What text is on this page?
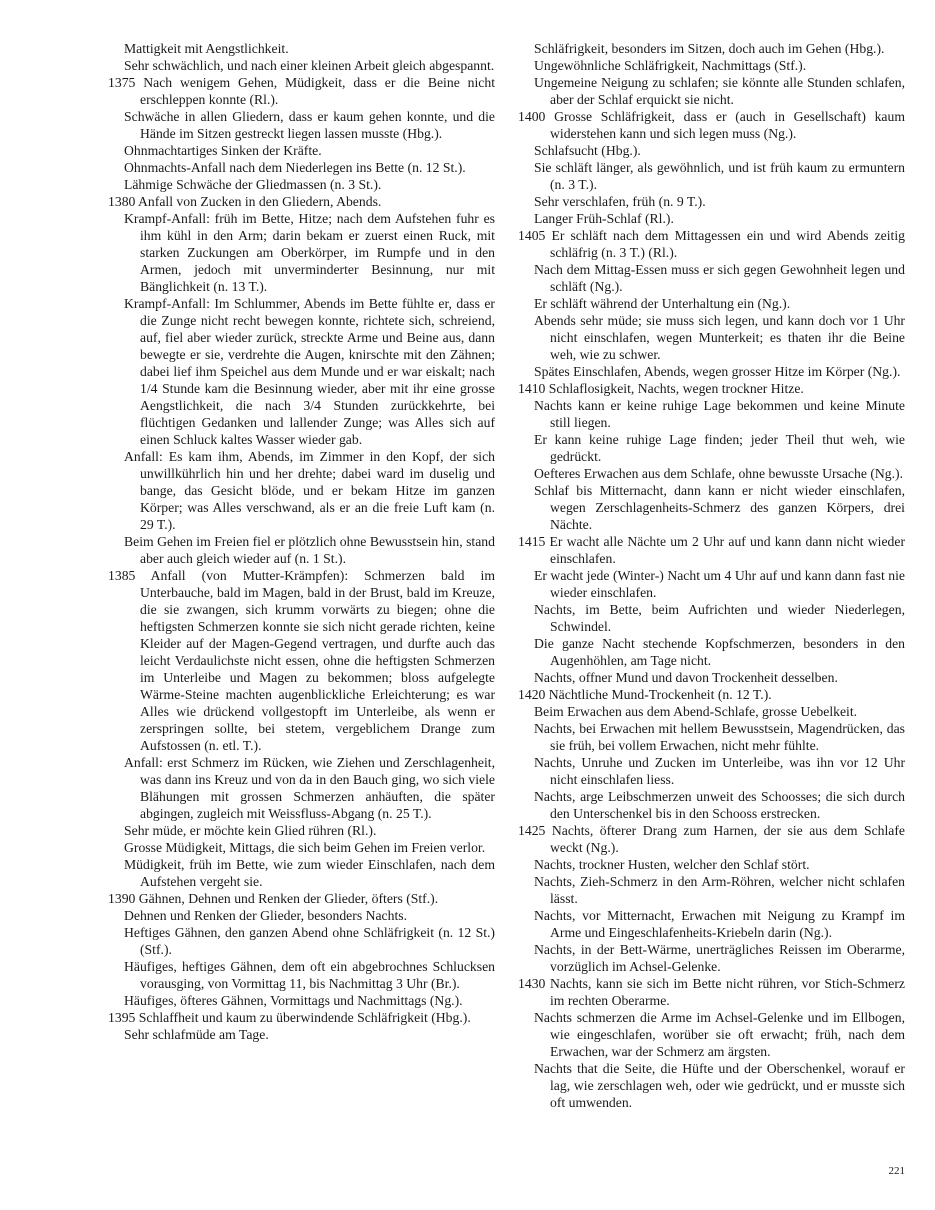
Mattigkeit mit Aengstlichkeit.
Sehr schwächlich, und nach einer kleinen Arbeit gleich abgespannt.
1375 Nach wenigem Gehen, Müdigkeit, dass er die Beine nicht erschleppen konnte (Rl.).
Schwäche in allen Gliedern, dass er kaum gehen konnte, und die Hände im Sitzen gestreckt liegen lassen musste (Hbg.).
Ohnmachtartiges Sinken der Kräfte.
Ohnmachts-Anfall nach dem Niederlegen ins Bette (n. 12 St.).
Lähmige Schwäche der Gliedmassen (n. 3 St.).
1380 Anfall von Zucken in den Gliedern, Abends.
Krampf-Anfall: früh im Bette, Hitze; nach dem Aufstehen fuhr es ihm kühl in den Arm; darin bekam er zuerst einen Ruck, mit starken Zuckungen am Oberkörper, im Rumpfe und in den Armen, jedoch mit unverminderter Besinnung, nur mit Bänglichkeit (n. 13 T.).
Krampf-Anfall: Im Schlummer, Abends im Bette fühlte er, dass er die Zunge nicht recht bewegen konnte, richtete sich, schreiend, auf, fiel aber wieder zurück, streckte Arme und Beine aus, dann bewegte er sie, verdrehte die Augen, knirschte mit den Zähnen; dabei lief ihm Speichel aus dem Munde und er war eiskalt; nach 1/4 Stunde kam die Besinnung wieder, aber mit ihr eine grosse Aengstlichkeit, die nach 3/4 Stunden zurückkehrte, bei flüchtigen Gedanken und lallender Zunge; was Alles sich auf einen Schluck kaltes Wasser wieder gab.
Anfall: Es kam ihm, Abends, im Zimmer in den Kopf, der sich unwillkührlich hin und her drehte; dabei ward im duselig und bange, das Gesicht blöde, und er bekam Hitze im ganzen Körper; was Alles verschwand, als er an die freie Luft kam (n. 29 T.).
Beim Gehen im Freien fiel er plötzlich ohne Bewusstsein hin, stand aber auch gleich wieder auf (n. 1 St.).
1385 Anfall (von Mutter-Krämpfen): Schmerzen bald im Unterbauche, bald im Magen, bald in der Brust, bald im Kreuze, die sie zwangen, sich krumm vorwärts zu biegen; ohne die heftigsten Schmerzen konnte sie sich nicht gerade richten, keine Kleider auf der Magen-Gegend vertragen, und durfte auch das leicht Verdaulichste nicht essen, ohne die heftigsten Schmerzen im Unterleibe und Magen zu bekommen; bloss aufgelegte Wärme-Steine machten augenblickliche Erleichterung; es war Alles wie drückend vollgestopft im Unterleibe, als wenn er zerspringen sollte, bei stetem, vergeblichem Drange zum Aufstossen (n. etl. T.).
Anfall: erst Schmerz im Rücken, wie Ziehen und Zerschlagenheit, was dann ins Kreuz und von da in den Bauch ging, wo sich viele Blähungen mit grossen Schmerzen anhäuften, die später abgingen, zugleich mit Weissfluss-Abgang (n. 25 T.).
Sehr müde, er möchte kein Glied rühren (Rl.).
Grosse Müdigkeit, Mittags, die sich beim Gehen im Freien verlor.
Müdigkeit, früh im Bette, wie zum wieder Einschlafen, nach dem Aufstehen vergeht sie.
1390 Gähnen, Dehnen und Renken der Glieder, öfters (Stf.).
Dehnen und Renken der Glieder, besonders Nachts.
Heftiges Gähnen, den ganzen Abend ohne Schläfrigkeit (n. 12 St.) (Stf.).
Häufiges, heftiges Gähnen, dem oft ein abgebrochnes Schlucksen vorausging, von Vormittag 11, bis Nachmittag 3 Uhr (Br.).
Häufiges, öfteres Gähnen, Vormittags und Nachmittags (Ng.).
1395 Schlaffheit und kaum zu überwindende Schläfrigkeit (Hbg.).
Sehr schlafmüde am Tage.
Schläfrigkeit, besonders im Sitzen, doch auch im Gehen (Hbg.).
Ungewöhnliche Schläfrigkeit, Nachmittags (Stf.).
Ungemeine Neigung zu schlafen; sie könnte alle Stunden schlafen, aber der Schlaf erquickt sie nicht.
1400 Grosse Schläfrigkeit, dass er (auch in Gesellschaft) kaum widerstehen kann und sich legen muss (Ng.).
Schlafsucht (Hbg.).
Sie schläft länger, als gewöhnlich, und ist früh kaum zu ermuntern (n. 3 T.).
Sehr verschlafen, früh (n. 9 T.).
Langer Früh-Schlaf (Rl.).
1405 Er schläft nach dem Mittagessen ein und wird Abends zeitig schläfrig (n. 3 T.) (Rl.).
Nach dem Mittag-Essen muss er sich gegen Gewohnheit legen und schläft (Ng.).
Er schläft während der Unterhaltung ein (Ng.).
Abends sehr müde; sie muss sich legen, und kann doch vor 1 Uhr nicht einschlafen, wegen Munterkeit; es thaten ihr die Beine weh, wie zu schwer.
Spätes Einschlafen, Abends, wegen grosser Hitze im Körper (Ng.).
1410 Schlaflosigkeit, Nachts, wegen trockner Hitze.
Nachts kann er keine ruhige Lage bekommen und keine Minute still liegen.
Er kann keine ruhige Lage finden; jeder Theil thut weh, wie gedrückt.
Oefteres Erwachen aus dem Schlafe, ohne bewusste Ursache (Ng.).
Schlaf bis Mitternacht, dann kann er nicht wieder einschlafen, wegen Zerschlagenheits-Schmerz des ganzen Körpers, drei Nächte.
1415 Er wacht alle Nächte um 2 Uhr auf und kann dann nicht wieder einschlafen.
Er wacht jede (Winter-) Nacht um 4 Uhr auf und kann dann fast nie wieder einschlafen.
Nachts, im Bette, beim Aufrichten und wieder Niederlegen, Schwindel.
Die ganze Nacht stechende Kopfschmerzen, besonders in den Augenhöhlen, am Tage nicht.
Nachts, offner Mund und davon Trockenheit desselben.
1420 Nächtliche Mund-Trockenheit (n. 12 T.).
Beim Erwachen aus dem Abend-Schlafe, grosse Uebelkeit.
Nachts, bei Erwachen mit hellem Bewusstsein, Magendrücken, das sie früh, bei vollem Erwachen, nicht mehr fühlte.
Nachts, Unruhe und Zucken im Unterleibe, was ihn vor 12 Uhr nicht einschlafen liess.
Nachts, arge Leibschmerzen unweit des Schoosses; die sich durch den Unterschenkel bis in den Schooss erstrecken.
1425 Nachts, öfterer Drang zum Harnen, der sie aus dem Schlafe weckt (Ng.).
Nachts, trockner Husten, welcher den Schlaf stört.
Nachts, Zieh-Schmerz in den Arm-Röhren, welcher nicht schlafen lässt.
Nachts, vor Mitternacht, Erwachen mit Neigung zu Krampf im Arme und Eingeschlafenheits-Kriebeln darin (Ng.).
Nachts, in der Bett-Wärme, unerträgliches Reissen im Oberarme, vorzüglich im Achsel-Gelenke.
1430 Nachts, kann sie sich im Bette nicht rühren, vor Stich-Schmerz im rechten Oberarme.
Nachts schmerzen die Arme im Achsel-Gelenke und im Ellbogen, wie eingeschlafen, worüber sie oft erwacht; früh, nach dem Erwachen, war der Schmerz am ärgsten.
Nachts that die Seite, die Hüfte und der Oberschenkel, worauf er lag, wie zerschlagen weh, oder wie gedrückt, und er musste sich oft umwenden.
221
